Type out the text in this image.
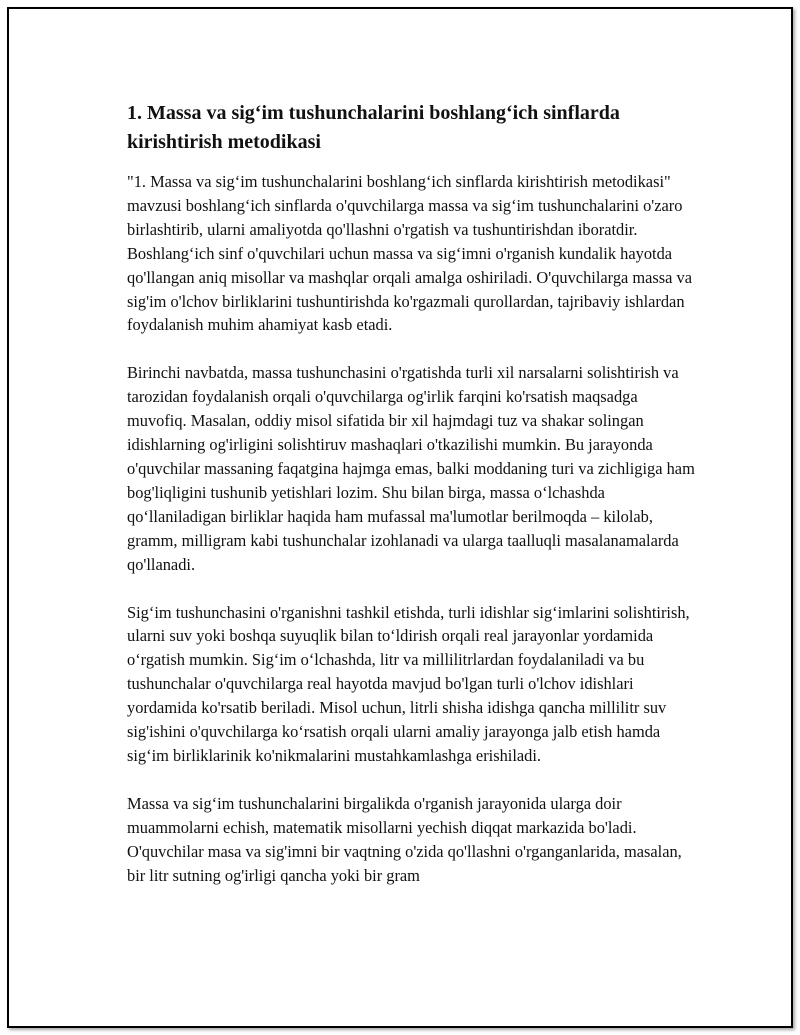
1. Massa va sig‘im tushunchalarini boshlang‘ich sinflarda kirishtirish metodikasi

"1. Massa va sig‘im tushunchalarini boshlang‘ich sinflarda kirishtirish metodikasi" mavzusi boshlang‘ich sinflarda o'quvchilarga massa va sig‘im tushunchalarini o'zaro birlashtirib, ularni amaliyotda qo'llashni o'rgatish va tushuntirishdan iboratdir. Boshlang‘ich sinf o'quvchilari uchun massa va sig‘imni o'rganish kundalik hayotda qo'llangan aniq misollar va mashqlar orqali amalga oshiriladi. O'quvchilarga massa va sig'im o'lchov birliklarini tushuntirishda ko'rgazmali qurollardan, tajribaviy ishlardan foydalanish muhim ahamiyat kasb etadi.

Birinchi navbatda, massa tushunchasini o'rgatishda turli xil narsalarni solishtirish va tarozidan foydalanish orqali o'quvchilarga og'irlik farqini ko'rsatish maqsadga muvofiq. Masalan, oddiy misol sifatida bir xil hajmdagi tuz va shakar solingan idishlarning og'irligini solishtiruv mashaqlari o'tkazilishi mumkin. Bu jarayonda o'quvchilar massaning faqatgina hajmga emas, balki moddaning turi va zichligiga ham bog'liqligini tushunib yetishlari lozim. Shu bilan birga, massa o‘lchashda qo‘llaniladigan birliklar haqida ham mufassal ma'lumotlar berilmoqda – kilolab, gramm, milligram kabi tushunchalar izohlanadi va ularga taalluqli masalanamalarda qo'llanadi.

Sig‘im tushunchasini o'rganishni tashkil etishda, turli idishlar sig‘imlarini solishtirish, ularni suv yoki boshqa suyuqlik bilan to‘ldirish orqali real jarayonlar yordamida o‘rgatish mumkin. Sig‘im o‘lchashda, litr va millilitrlardan foydalaniladi va bu tushunchalar o'quvchilarga real hayotda mavjud bo'lgan turli o'lchov idishlari yordamida ko'rsatib beriladi. Misol uchun, litrli shisha idishga qancha millilitr suv sig'ishini o'quvchilarga ko‘rsatish orqali ularni amaliy jarayonga jalb etish hamda sig‘im birliklarinik ko'nikmalarini mustahkamlashga erishiladi.

Massa va sig‘im tushunchalarini birgalikda o'rganish jarayonida ularga doir muammolarni echish, matematik misollarni yechish diqqat markazida bo'ladi. O'quvchilar masa va sig'imni bir vaqtning o'zida qo'llashni o'rganganlarida, masalan, bir litr sutning og'irligi qancha yoki bir gram
